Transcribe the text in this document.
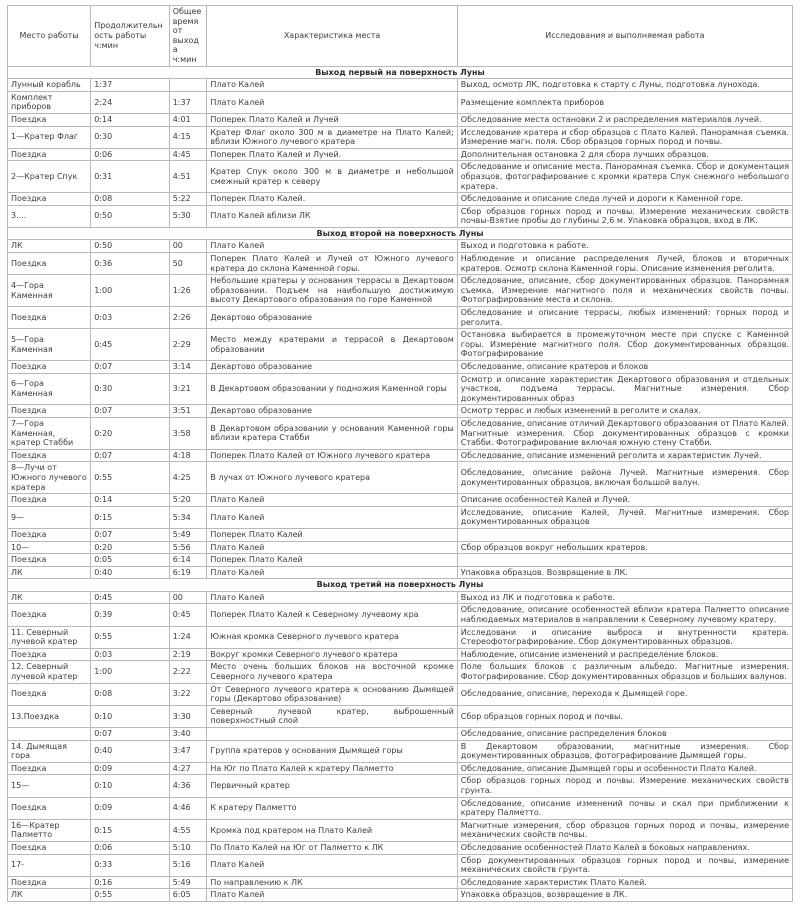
Место работы	Продолжительность работы ч:мин	Общее время от выхода ч:мин	Характеристика места	Исследования и выполняемая работа
Выход первый на поверхность Луны				
Лунный корабль	1:37		Плато Калей	Выход, осмотр ЛК, подготовка к старту с Луны, подготовка лунохода.
Комплект приборов	2:24	1:37	Плато Калей	Размещение комплекта приборов
Поездка	0:14	4:01	Поперек Плато Калей и Лучей	Обследование места остановки 2 и распределения материалов лучей.
1—Кратер Флаг	0:30	4:15	Кратер Флаг около 300 м в диаметре на Плато Калей; вблизи Южного лучевого кратера	Исследование кратера и сбор образцов с Плато Калей. Панорамная съемка. Измерение магн. поля. Сбор образцов горных пород и почвы.
Поездка	0:06	4:45	Поперек Плато Калей и Лучей.	Дополнительная остановка 2 для сбора лучших образцов.
2—Кратер Спук	0:31	4:51	Кратер Спук около 300 м в диаметре и небольшой смежный кратер к северу	Обследование и описание места. Панорамная съемка. Сбор и документация образцов, фотографирование с кромки кратера Спук снежного небольшого кратера.
Поездка	0:08	5:22	Поперек Плато Калей.	Обследование и описание следа лучей и дороги к Каменной горе.
3....	0:50	5:30	Плато Калей вблизи ЛК	Сбор образцов горных пород и почвы. Измерение механических свойств почвы-Взятие пробы до глубины 2,6 м. Упаковка образцов, вход в ЛК.
Выход второй на поверхность Луны				
ЛК	0:50	00	Плато Калей	Выход и подготовка к работе.
Поездка	0:36	50	Поперек Плато Калей и Лучей от Южного лучевого кратера до склона Каменной горы.	Наблюдение и описание распределения Лучей, блоков и вторичных кратеров. Осмотр склона Каменной горы. Описание изменения реголита.
4—Гора Каменная	1:00	1:26	Небольшие кратеры у основания террасы в Декартовом образовании. Подъем на наибольшую достижимую высоту Декартового образования по горе Каменной	Обследование, описание, сбор документированных образцов. Панорамная съемка. Измерение магнитного поля и механических свойств почвы. Фотографирование места и склона.
Поездка	0:03	2:26	Декартово образование	Обследование и описание террасы, любых изменений: горных пород и реголита.
5—Гора Каменная	0:45	2:29	Место между кратерами и террасой в Декартовом образовании	Остановка выбирается в промежуточном месте при спуске с Каменной горы. Измерение магнитного поля. Сбор документированных образцов. Фотографирование
Поездка	0:07	3:14	Декартово образование	Обследование, описание кратеров и блоков
6—Гора Каменная	0:30	3:21	В Декартовом образовании у подножия Каменной горы	Осмотр и описание характеристик Декартового образования и отдельных участков, подъема террасы. Магнитные измерения. Сбор документированных образ
Поездка	0:07	3:51	Декартово образование	Осмотр террас и любых изменений в реголите и скалах.
7—Гора Каменная, кратер Стабби	0:20	3:58	В Декартовом образовании у основания Каменной горы вблизи кратера Стабби	Обследование, описание отличий Декартового образования от Плато Калей. Магнитные измерения. Сбор документированных образцов с кромки Стабби. Фотографирование включая южную стену Стабби.
Поездка	0:07	4:18	Поперек Плато Калей от Южного лучевого кратера	Обследование, описание изменений реголита и характеристик Лучей.
8—Лучи от Южного лучевого кратера	0:55	4:25	В лучах от Южного лучевого кратера	Обследование, описание района Лучей. Магнитные измерения. Сбор документированных образцов, включая большой валун.
Поездка	0:14	5:20	Плато Калей	Описание особенностей Калей и Лучей.
9—	0:15	5:34	Плато Калей	Исследование, описание Калей, Лучей. Магнитные измерения. Сбор документированных образцов
Поездка	0:07	5:49	Поперек Плато Калей	
10—	0:20	5:56	Плато Калей	Сбор образцов вокруг небольших кратеров.
Поездка	0:05	6:14	Поперек Плато Калей	
ЛК	0:40	6:19	Плато Калей	Упаковка образцов. Возвращение в ЛК.
Выход третий на поверхность Луны				
ЛК	0:45	00	Плато Калей	Выход из ЛК и подготовка к работе.
Поездка	0:39	0:45	Поперек Плато Калей к Северному лучевому кра	Обследование, описание особенностей вблизи кратера Палметто описание наблюдаемых материалов в направлении к Северному лучевому кратеру.
11. Северный лучевой кратер	0:55	1:24	Южная кромка Северного лучевого кратера	Исследовани и описание выброса и внутренности кратера. Стереофотографирование. Сбор документированных образцов.
Поездка	0:03	2:19	Вокруг кромки Северного лучевого кратера	Наблюдение, описание изменений и распределение блоков.
12. Северный лучевой кратер	1:00	2:22	Место очень больших блоков на восточной кромке Северного лучевого кратера	Поле больших блоков с различным альбедо. Магнитные измерения. Фотографирование. Сбор документированных образцов и больших валунов.
Поездка	0:08	3:22	От Северного лучевого кратера к основанию Дымящей горы (Декартово образование)	Обследование, описание, перехода к Дымящей горе.
13.Поездка	0:10	3:30	Северный лучевой кратер, выброшенный поверхностный слой	Сбор образцов горных пород и почвы.
	0:07	3:40		Обследование, описание распределения блоков
14. Дымящая гора	0:40	3:47	Группа кратеров у основания Дымящей горы	В Декартовом образовании, магнитные измерения. Сбор документированных образцов, фотографирование Дымящей горы.
Поездка	0:09	4:27	На Юг по Плато Калей к кратеру Палметто	Обследование, описание Дымящей горы и особенности Плато Калей.
15—	0:10	4:36	Первичный кратер	Сбор образцов горных пород и почвы. Измерение механических свойств грунта.
Поездка	0:09	4:46	К кратеру Палметто	Обследование, описание изменений почвы и скал при приближении к кратеру Палметто.
16—Кратер Палметто	0:15	4:55	Кромка под кратером на Плато Калей	Магнитные измерения, сбор образцов горных пород и почвы, измерение механических свойств почвы.
Поездка	0:06	5:10	По Плато Калей на Юг от Палметто к ЛК	Обследование особенностей Плато Калей в боковых направлениях.
17-	0:33	5:16	Плато Калей	Сбор документированных образцов горных пород и почвы, измерение механических свойств грунта.
Поездка	0:16	5:49	По направлению к ЛК	Обследование характеристик Плато Калей.
ЛК	0:55	6:05	Плато Калей	Упаковка образцов, возвращение в ЛК.
